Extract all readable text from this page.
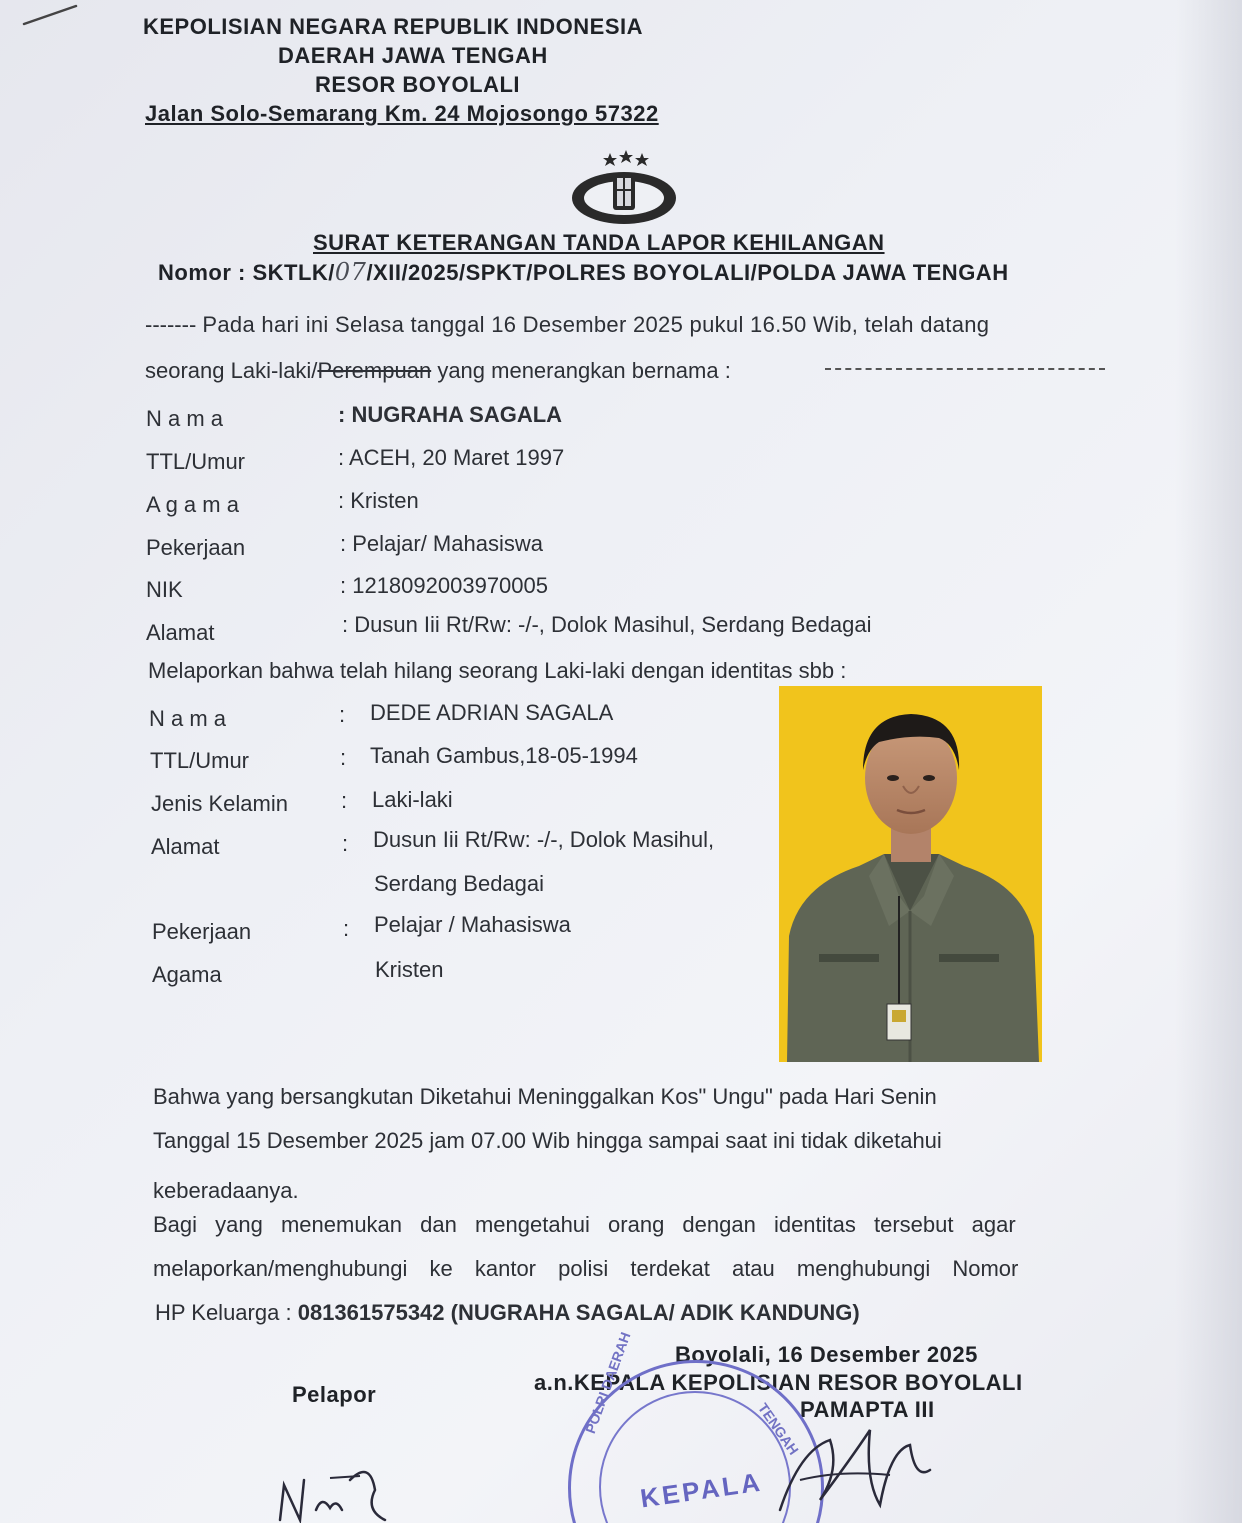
KEPOLISIAN NEGARA REPUBLIK INDONESIA
DAERAH JAWA TENGAH
RESOR BOYOLALI
Jalan Solo-Semarang Km. 24 Mojosongo 57322
SURAT KETERANGAN TANDA LAPOR KEHILANGAN
Nomor : SKTLK/07/XII/2025/SPKT/POLRES BOYOLALI/POLDA JAWA TENGAH
------- Pada hari ini Selasa tanggal 16 Desember 2025 pukul 16.50 Wib, telah datang
seorang Laki-laki/Perempuan yang menerangkan bernama :
N a m a	: NUGRAHA SAGALA
TTL/Umur	: ACEH, 20 Maret 1997
A g a m a	: Kristen
Pekerjaan	: Pelajar/ Mahasiswa
NIK	: 1218092003970005
Alamat	: Dusun Iii Rt/Rw: -/-, Dolok Masihul, Serdang Bedagai
Melaporkan bahwa telah hilang seorang Laki-laki dengan identitas sbb :
N a m a	: DEDE ADRIAN SAGALA
TTL/Umur	: Tanah Gambus,18-05-1994
Jenis Kelamin : Laki-laki
Alamat	: Dusun Iii Rt/Rw: -/-, Dolok Masihul,
Serdang Bedagai
Pekerjaan	: Pelajar / Mahasiswa
Agama	Kristen
Bahwa yang bersangkutan Diketahui Meninggalkan Kos" Ungu" pada Hari Senin
Tanggal 15 Desember 2025 jam 07.00 Wib hingga sampai saat ini tidak diketahui
keberadaanya.
Bagi yang menemukan dan mengetahui orang dengan identitas tersebut agar
melaporkan/menghubungi ke kantor polisi terdekat atau menghubungi Nomor
HP Keluarga : 081361575342 (NUGRAHA SAGALA/ ADIK KANDUNG)
Boyolali, 16 Desember 2025
Pelapor	a.n.KEPALA KEPOLISIAN RESOR BOYOLALI
PAMAPTA III
POLRI DAERAH	TENGAH
KEPALA
